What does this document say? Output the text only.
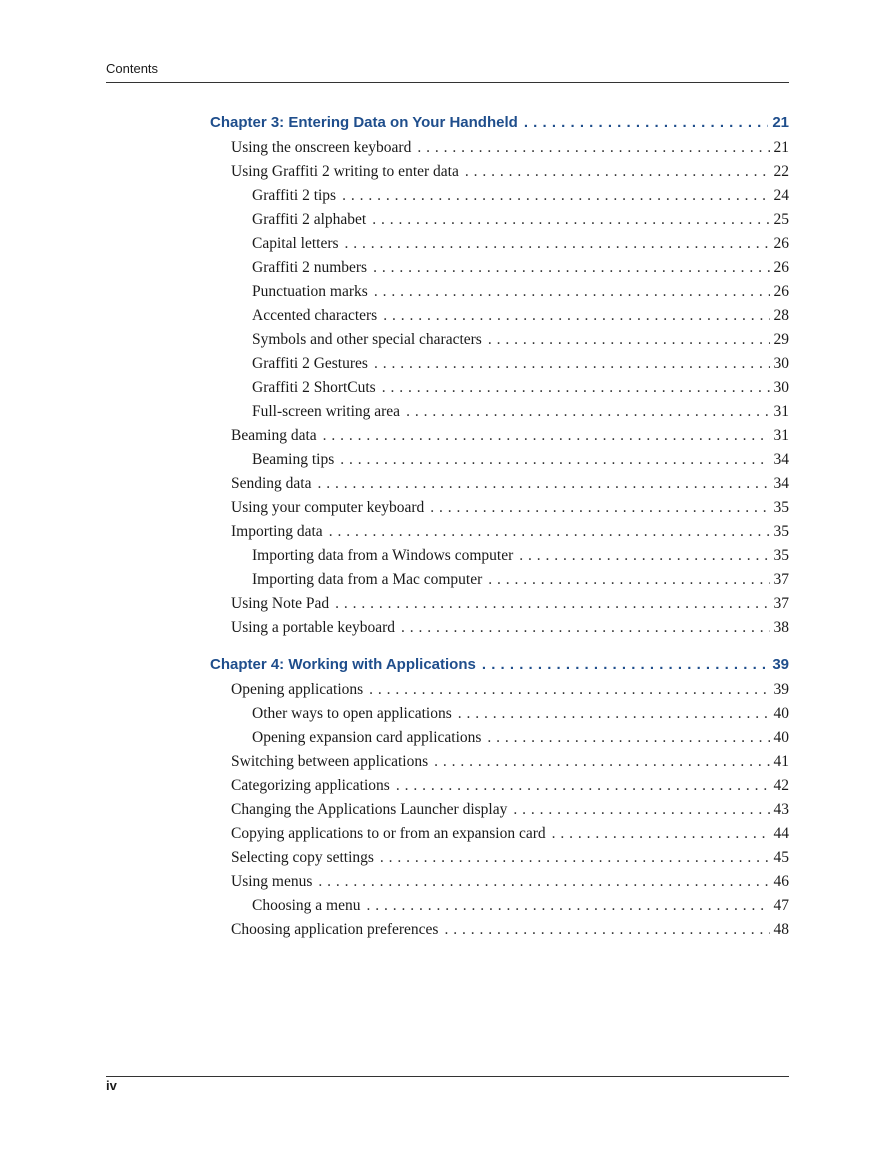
Contents
Chapter 3: Entering Data on Your Handheld . . .	21
Using the onscreen keyboard . . .	21
Using Graffiti 2 writing to enter data . . .	22
Graffiti 2 tips . . .	24
Graffiti 2 alphabet . . .	25
Capital letters . . .	26
Graffiti 2 numbers . . .	26
Punctuation marks . . .	26
Accented characters . . .	28
Symbols and other special characters . . .	29
Graffiti 2 Gestures . . .	30
Graffiti 2 ShortCuts . . .	30
Full-screen writing area . . .	31
Beaming data . . .	31
Beaming tips . . .	34
Sending data . . .	34
Using your computer keyboard . . .	35
Importing data . . .	35
Importing data from a Windows computer . . .	35
Importing data from a Mac computer . . .	37
Using Note Pad . . .	37
Using a portable keyboard . . .	38
Chapter 4: Working with Applications . . .	39
Opening applications . . .	39
Other ways to open applications . . .	40
Opening expansion card applications . . .	40
Switching between applications . . .	41
Categorizing applications . . .	42
Changing the Applications Launcher display . . .	43
Copying applications to or from an expansion card . . .	44
Selecting copy settings . . .	45
Using menus . . .	46
Choosing a menu . . .	47
Choosing application preferences . . .	48
iv
